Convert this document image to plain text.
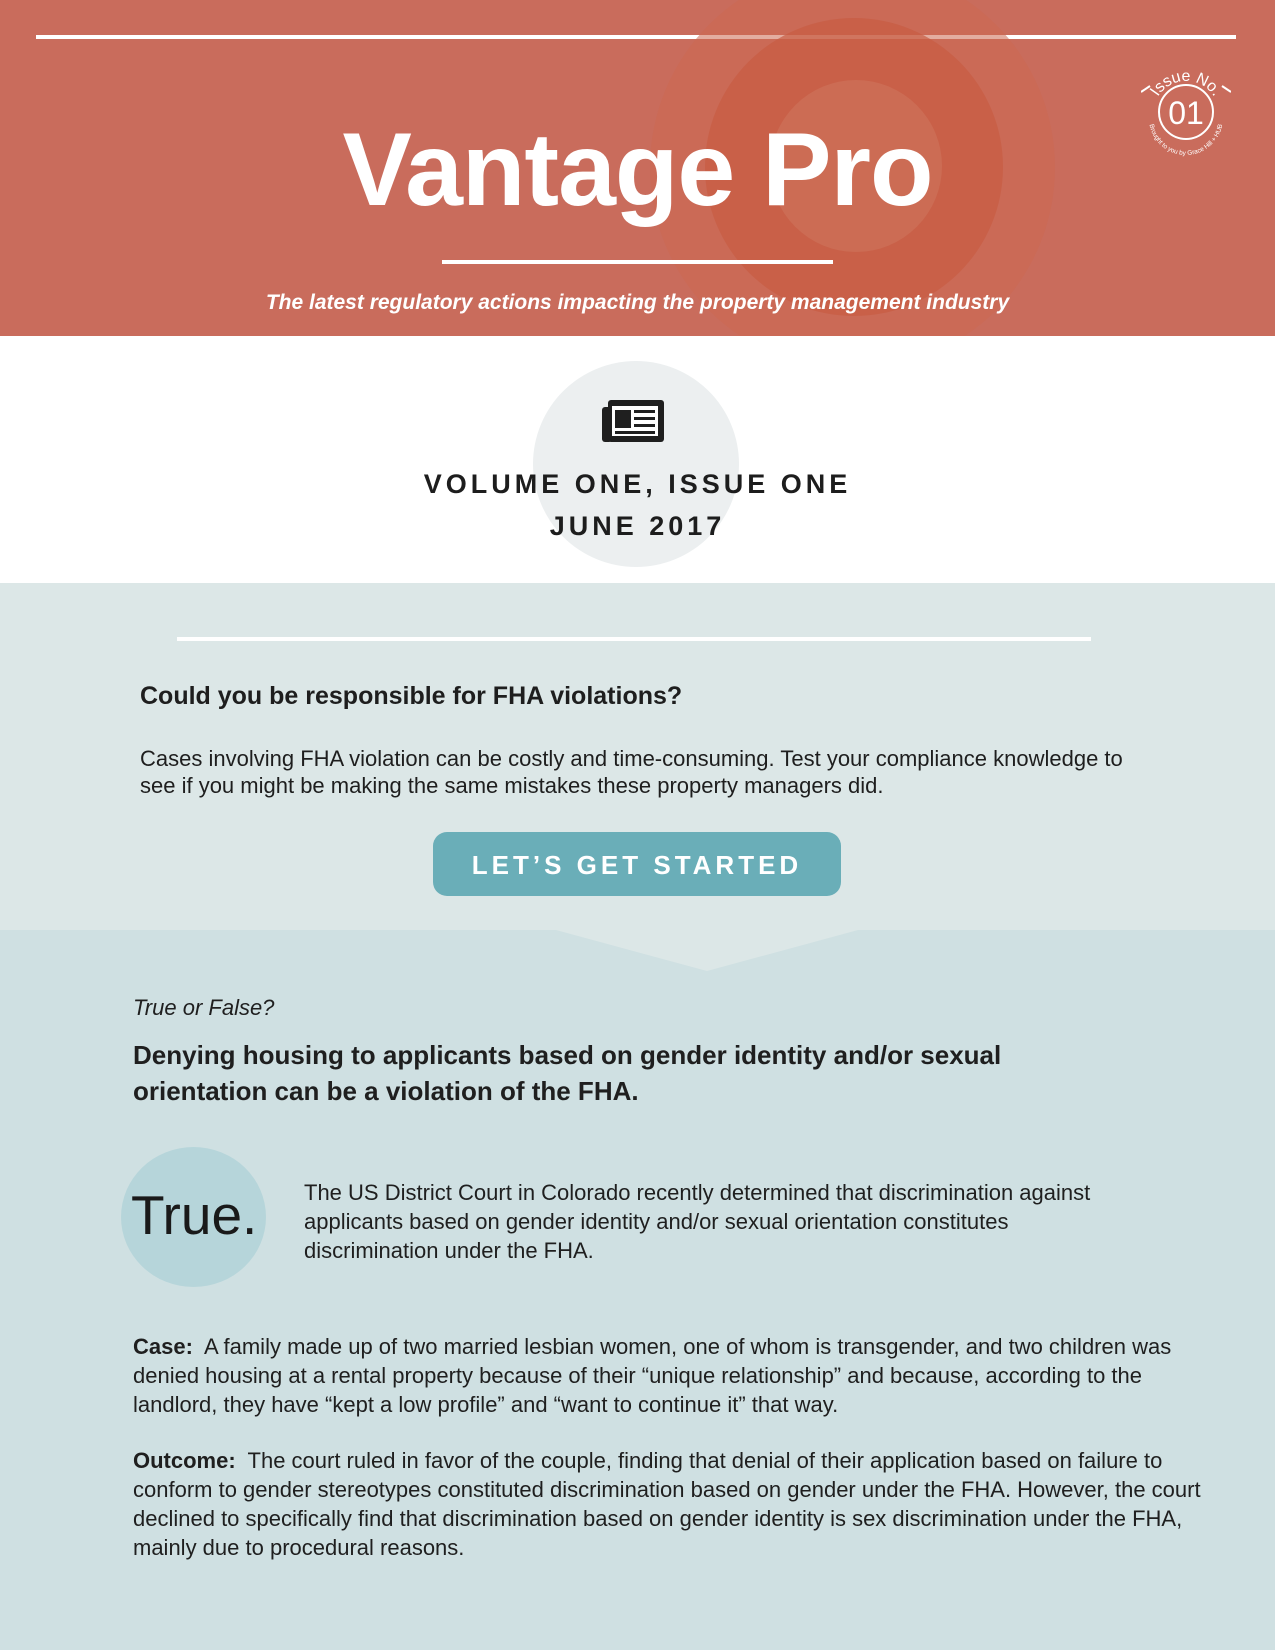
Vantage Pro
The latest regulatory actions impacting the property management industry
Issue No.
01
Brought to you by Grace Hill + HUB
VOLUME ONE, ISSUE ONE
JUNE 2017
Could you be responsible for FHA violations?
Cases involving FHA violation can be costly and time-consuming. Test your compliance knowledge to see if you might be making the same mistakes these property managers did.
LET’S GET STARTED
True or False?
Denying housing to applicants based on gender identity and/or sexual orientation can be a violation of the FHA.
True. The US District Court in Colorado recently determined that discrimination against applicants based on gender identity and/or sexual orientation constitutes discrimination under the FHA.
Case: A family made up of two married lesbian women, one of whom is transgender, and two children was denied housing at a rental property because of their “unique relationship” and because, according to the landlord, they have “kept a low profile” and “want to continue it” that way.
Outcome: The court ruled in favor of the couple, finding that denial of their application based on failure to conform to gender stereotypes constituted discrimination based on gender under the FHA. However, the court declined to specifically find that discrimination based on gender identity is sex discrimination under the FHA, mainly due to procedural reasons.
